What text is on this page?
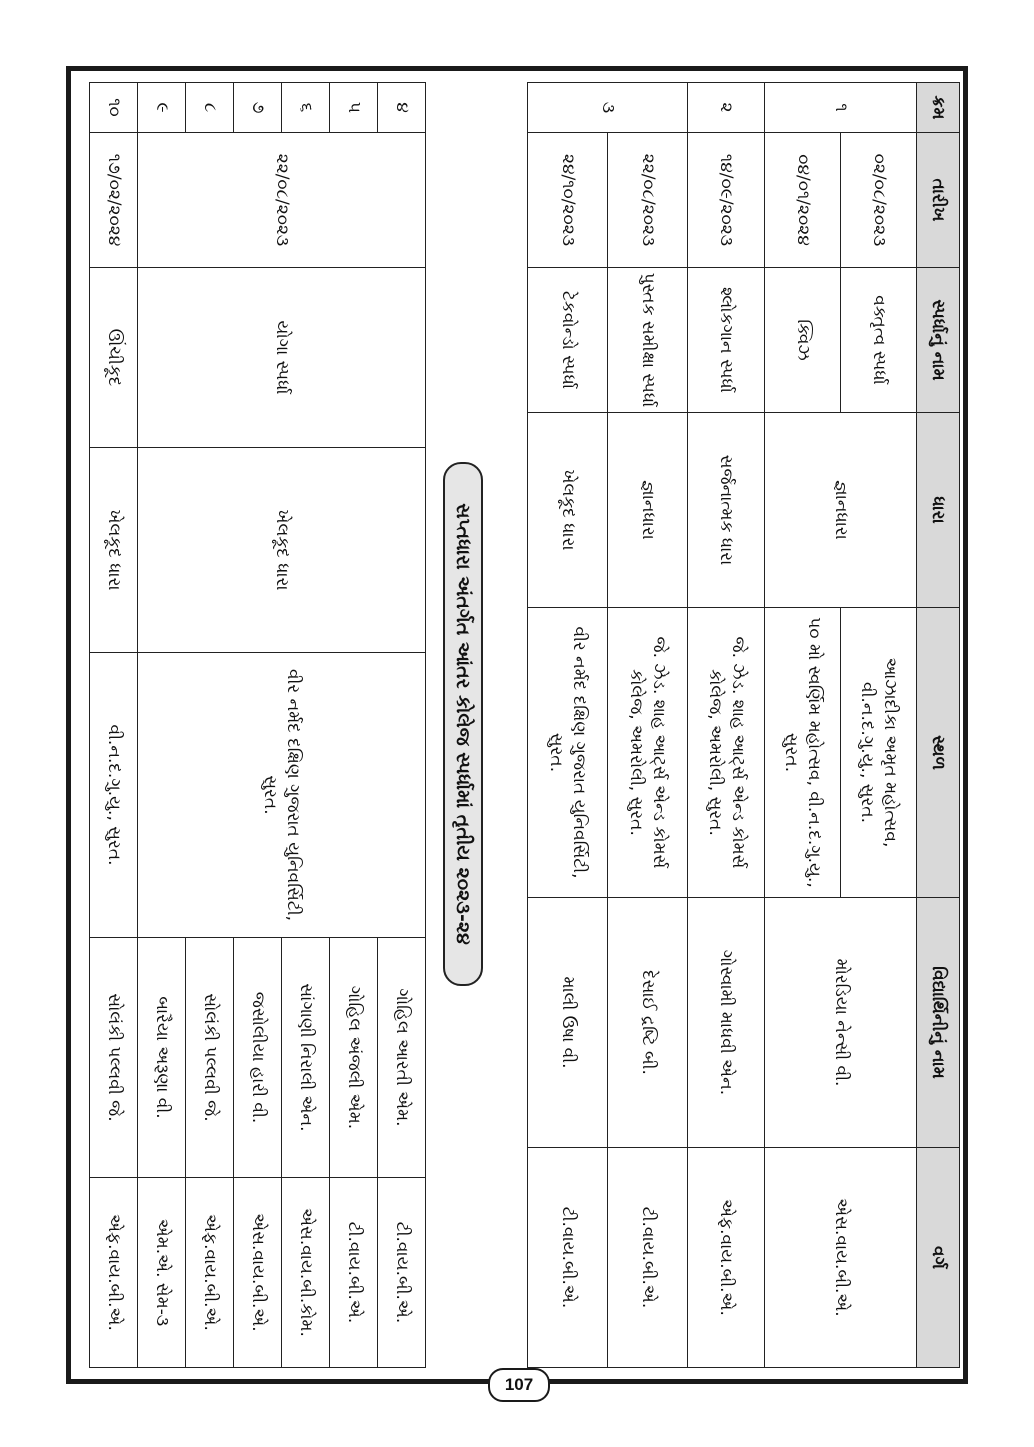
ક્રમ	તારીખ	સ્પર્ધાનું નામ	ધારા	સ્થળ	વિદ્યાર્થિનીનું નામ	વર્ગ
૧	૦૨/૦૮/૨૦૨૩	વક્તૃત્વ સ્પર્ધા	જ્ઞાનધારા	આઝાદીકા અમૃત મહોત્સવ, વી.ન.દ.ગુ.યુ., સુરત.	મોરડિયા નેન્સી વી.	એસ.વાય.બી.એ.
	૦૪/૦૧/૨૦૨૪	ક્વિઝ		૫૦ મો સ્વર્ણિમ મહોત્સવ, વી.ન.દ.ગુ.યુ., સુરત.		
૨	૧૪/૦૯/૨૦૨૩	શ્લોકગાન સ્પર્ધા	સર્જનાત્મક ધારા	જે. ઝેડ. શાહ આર્ટ્સ એન્ડ કોમર્સ કોલેજ, અમરોલી, સુરત.	ગોસ્વામી માધવી એન.	એફ.વાય.બી.એ.
૩	૨૨/૦૮/૨૦૨૩	પુસ્તક સમીક્ષા સ્પર્ધા	જ્ઞાનધારા	જે. ઝેડ. શાહ આર્ટ્સ એન્ડ કોમર્સ કોલેજ, અમરોલી, સુરત.	દેસાઈ દ્રષ્ટિ બી.	ટી.વાય.બી.એ.
	૨૪/૧૦/૨૦૨૩	ટેકવોન્ડો સ્પર્ધા	ખેલકૂદ ધારા	વીર નર્મદ દક્ષિણ ગુજરાત યુનિવર્સિટી, સુરત.	માલી ઉષા વી.	ટી.વાય.બી.એ.
સપ્તધારા અંતર્ગત આંતર કોલેજ સ્પર્ધામાં તૃતીય ૨૦૨૩-૨૪
૪	૨૨/૦૮/૨૦૨૩	યોગા સ્પર્ધા	ખેલકૂદ ધારા	વીર નર્મદ દક્ષિણ ગુજરાત યુનિવર્સિટી, સુરત.	ગોહિલ આરતી એમ.	ટી.વાય.બી.એ.
૫					ગોહિલ અંજલી એમ.	ટી.વાય.બી.એ.
૬					સાંગાણી નિરાલી એન.	એસ.વાય.બી.કોમ.
૭					જસોલીયા હારી વી.	એસ.વાય.બી.એ.
૮					સોલંકી પલ્લવી જે.	એફ.વાય.બી.એ.
૯					બારૈયા અરૂણા વી.	એમ.એ. સેમ-૩
૧૦	૧૭/૦૨/૨૦૨૪	ઊંચીકૂદ	ખેલકૂદ ધારા	વી.ન.દ.ગુ.યુ., સુરત.	સોલંકી પલ્લવી જે.	એફ.વાય.બી.એ.
107
